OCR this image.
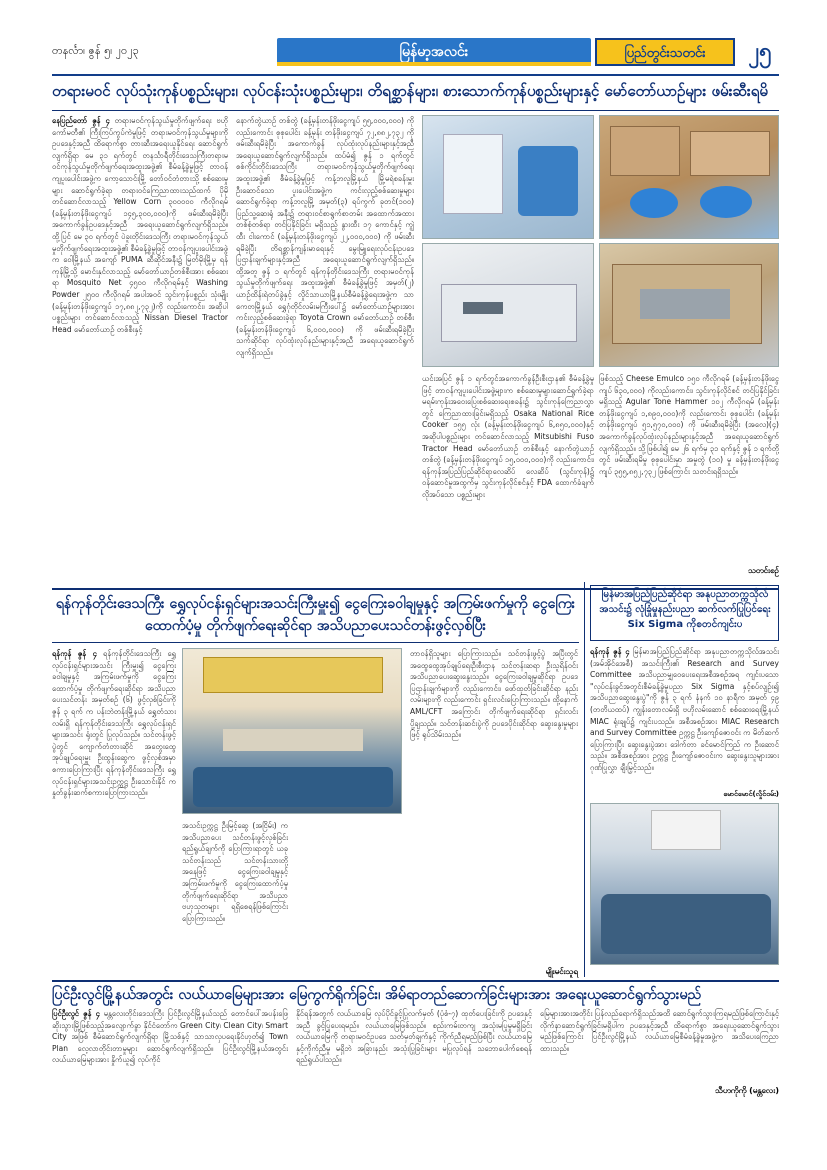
တနင်္လာ၊ ဇွန် ၅၊ ၂၀၂၃	မြန်မာ့အလင်း	ပြည်တွင်းသတင်း	၂၅
တရားမဝင် လုပ်သုံးကုန်ပစ္စည်းများ၊ လုပ်ငန်းသုံးပစ္စည်းများ၊ တိရစ္ဆာန်များ၊ စားသောက်ကုန်ပစ္စည်းများနှင့် မော်တော်ယာဉ်များ ဖမ်းဆီးရမိ
နေပြည်တော် ဇွန် ၄ တရားမဝင်ကုန်သွယ်မှုတိုက်ဖျက်ရေး ဗဟိုကော်မတီ၏ ကြီးကြပ်ကွပ်ကဲမှုဖြင့် တရားမဝင်ကုန်သွယ်မှုများကို ဥပဒေနှင့်အညီ ထိရောက်စွာ တားဆီးအရေးယူနိုင်ရေး ဆောင်ရွက်လျက်ရှိရာ မေ ၃၁ ရက်တွင် တနင်္သာရီတိုင်းဒေသကြီးတရားမဝင်ကုန်သွယ်မှုတိုက်ဖျက်ရေးအထူးအဖွဲ့၏ စီမံခန့်ခွဲမှုဖြင့် တာဝန်ကျပူးပေါင်းအဖွဲ့က ကော့သောင်းမြို့ တော်ဝင်တံတားသို့ စစ်ဆေးမှုများ ဆောင်ရွက်ခဲ့ရာ တရားဝင်ကြေညာထားသည်ထက် ပိုမိုတင်ဆောင်လာသည့် Yellow Corn ၃၀၀၀၀၀ ကီလိုဂရမ် (ခန့်မှန်းတန်ဖိုးငွေကျပ် ၁၄၅,၃၀၀,၀၀၀)ကို ဖမ်းဆီးရမိခဲ့ပြီး အကောက်ခွန်ဥပဒေနှင့်အညီ အရေးယူဆောင်ရွက်လျက်ရှိသည်။ ထို့ပြင် မေ ၃၀ ရက်တွင် ပဲခူးတိုင်းဒေသကြီး တရားမဝင်ကုန်သွယ်မှုတိုက်ဖျက်ရေးအထူးအဖွဲ့၏ စီမံခန့်ခွဲမှုဖြင့် တာဝန်ကျပူးပေါင်းအဖွဲ့က ဝေါမြို့နယ် အကျော် PUMA ဆီဆိုင်အနီး၌ မြတ်မိုးမြို့မှ ရန်ကုန်မြို့သို့ မောင်းနှင်လာသည့် မော်တော်ယာဉ်တစ်စီးအား စစ်ဆေးရာ Mosquito Net ၄၅၀၀ ကီလိုဂရမ်နှင့် Washing Powder ၂၅၀၀ ကီလိုဂရမ် အပါအဝင် သွင်းကုန်ပစ္စည်း သုံးမျိုး (ခန့်မှန်းတန်ဖိုးငွေကျပ် ၁၇,၈၈၂,၇၃၂)ကို လည်းကောင်း၊ အဆိုပါပစ္စည်းများ တင်ဆောင်လာသည့် Nissan Diesel Tractor Head မော်တော်ယာဉ် တစ်စီးနှင့်
နောက်တွဲယာဉ် တစ်တွဲ (ခန့်မှန်းတန်ဖိုးငွေကျပ် ၅၅,၀၀၀,၀၀၀) ကိုလည်းကောင်း စုစုပေါင်း ခန့်မှန်း တန်ဖိုးငွေကျပ် ၇၂,၈၈၂,၇၃၂ ကို ဖမ်းဆီးရမိခဲ့ပြီး အကောက်ခွန် လုပ်ထုံးလုပ်နည်းများနှင့်အညီ အရေးယူဆောင်ရွက်လျက်ရှိသည်။ ထပ်မံ၍ ဇွန် ၁ ရက်တွင် စစ်ကိုင်းတိုင်းဒေသကြီး တရားမဝင်ကုန်သွယ်မှုတိုက်ဖျက်ရေး အထူးအဖွဲ့၏ စီမံခန့်ခွဲမှုဖြင့် ကန့်ဘလူမြို့နယ် မြို့မရဲစခန်းမှူး ဦးဆောင်သော ပူးပေါင်းအဖွဲ့က ကင်းလှည့်စစ်ဆေးမှုများ ဆောင်ရွက်ခဲ့ရာ ကန့်ဘလူမြို့ အမှတ်(၃) ရပ်ကွက် ခုတင်(၁၀၀) ပြည်သူ့ဆေးရုံ အနီး၌ တရားဝင်စာရွက်စာတမ်း အထောက်အထား တစ်စုံတစ်ရာ တင်ပြနိုင်ခြင်း မရှိသည့် နွားထီး ၁၇ ကောင်နှင့် ကျွဲထီး ငါးကောင် (ခန့်မှန်းတန်ဖိုးငွေကျပ် ၂၂,၀၀၀,၀၀၀) ကို ဖမ်းဆီးရမိခဲ့ပြီး တိရစ္ဆာန်ကျန်းမာရေးနှင့် မွေးမြူရေးလုပ်ငန်းဥပဒေပြဌာန်းချက်များနှင့်အညီ အရေးယူဆောင်ရွက်လျက်ရှိသည်။ ထို့အတူ ဇွန် ၁ ရက်တွင် ရန်ကုန်တိုင်းဒေသကြီး တရားမဝင်ကုန်သွယ်မှုတိုက်ဖျက်ရေး အထူးအဖွဲ့၏ စီမံခန့်ခွဲမှုဖြင့် အမှတ်(၂) ယာဉ်ထိန်းရဲတပ်ခွဲနှင့် လှိုင်သာယာမြို့နယ်စီမံခန့်ခွဲရေးအဖွဲ့က သာကေတမြို့နယ် ရွှေဂုံတိုင်လမ်းမကြီးပေါ်၌ မော်တော်ယာဉ်များအား ကင်းလှည့်စစ်ဆေးခဲ့ရာ Toyota Crown မော်တော်ယာဉ် တစ်စီး (ခန့်မှန်းတန်ဖိုးငွေကျပ် ၆,၀၀၀,၀၀၀) ကို ဖမ်းဆီးရမိခဲ့ပြီး သက်ဆိုင်ရာ လုပ်ထုံးလုပ်နည်းများနှင့်အညီ အရေးယူဆောင်ရွက်လျက်ရှိသည်။
ယင်းအပြင် ဇွန် ၁ ရက်တွင်အကောက်ခွန်ဦးစီးဌာန၏ စီမံခန့်ခွဲမှုဖြင့် တာဝန်ကျပူးပေါင်းအဖွဲ့များက စစ်ဆေးမှုများဆောင်ရွက်ခဲ့ရာ မရမ်းကုန်းအဝေးပြေးစစ်ဆေးရေးစခန်း၌ သွင်းကုန်ကြေညာလွှာတွင် ကြေညာထားခြင်းမရှိသည့် Osaka National Rice Cooker ၁၅၅ လုံး (ခန့်မှန်းတန်ဖိုးငွေကျပ် ၆,၈၅၀,၀၀၀)နှင့် အဆိုပါပစ္စည်းများ တင်ဆောင်လာသည့် Mitsubishi Fuso Tractor Head မော်တော်ယာဉ် တစ်စီးနှင့် နောက်တွဲယာဉ် တစ်တွဲ (ခန့်မှန်းတန်ဖိုးငွေကျပ် ၁၅,၀၀၀,၀၀၀)ကို လည်းကောင်း၊ ရန်ကုန်အပြည်ပြည်ဆိုင်ရာလေဆိပ် လေဆိပ် (သွင်းကုန်)၌ ဝန်ဆောင်မှုအထွက်မှ သွင်းကုန်လိုင်စင်နှင့် FDA ထောက်ခံချက် လိုအပ်သော ပစ္စည်းများ
ဖြစ်သည့် Cheese Emulco ၁၅၀ ကီလိုဂရမ် (ခန့်မှန်းတန်ဖိုးငွေကျပ် ၆၃၀,၀၀၀) ကိုလည်းကောင်း၊ သွင်းကုန်လိုင်စင် တင်ပြနိုင်ခြင်း မရှိသည့် Agular Tone Hammer ၁၀၂ ကီလိုဂရမ် (ခန့်မှန်းတန်ဖိုးငွေကျပ် ၁,၈၉၀,၀၀၀)ကို လည်းကောင်း စုစုပေါင်း (ခန့်မှန်းတန်ဖိုးငွေကျပ် ၅၁,၅၇၀,၀၀၀) ကို ဖမ်းဆီးရမိခဲ့ပြီး (အလေ)(၄) အကောက်ခွန်လုပ်ထုံးလုပ်နည်းများနှင့်အညီ အရေးယူဆောင်ရွက်လျက်ရှိသည်။ သို့ဖြစ်ပါ၍ မေ ၂၆ ရက်မှ ၃၁ ရက်နှင့် ဇွန် ၁ ရက်တို့တွင် ဖမ်းဆီးရမိမှု စုစုပေါင်းမှာ အမှုတွဲ (၁၀) မှု ခန့်မှန်းတန်ဖိုးငွေကျပ် ၃၅၅,၈၅၂,၇၃၂ ဖြစ်ကြောင်း သတင်းရရှိသည်။
သတင်းစဉ်
ရန်ကုန်တိုင်းဒေသကြီး ရွှေလုပ်ငန်းရှင်များအသင်းကြီးမှူး၍ ငွေကြေးခဝါချမှုနှင့် အကြမ်းဖက်မှုကို ငွေကြေးထောက်ပံ့မှု တိုက်ဖျက်ရေးဆိုင်ရာ အသိပညာပေးသင်တန်းဖွင့်လှစ်ပြီး
ရန်ကုန် ဇွန် ၄ ရန်ကုန်တိုင်းဒေသကြီး ရွှေလုပ်ငန်းရှင်များအသင်း ကြီးမှူး၍ ငွေကြေးခဝါချမှုနှင့် အကြမ်းဖက်မှုကို ငွေကြေးထောက်ပံ့မှု တိုက်ဖျက်ရေးဆိုင်ရာ အသိပညာပေးသင်တန်း အမှတ်စဉ် (၆) ဖွင့်လှစ်ခြင်းကို ဇွန် ၃ ရက် က ပန်းဘဲတန်းမြို့နယ် ရွှေတံသား လမ်းရှိ ရန်ကုန်တိုင်းဒေသကြီး ရွှေလုပ်ငန်းရှင်များအသင်း ရုံးတွင် ပြုလုပ်သည်။ သင်တန်းဖွင့်ပွဲတွင် ကျောက်တံတားဆိုင် အတွေးထွေအုပ်ချုပ်ရေးမှူး ဦးထွန်းဆွေက ဖွင့်လှစ်အမှာစကားပြောကြားပြီး ရန်ကုန်တိုင်းဒေသကြီး ရွှေလုပ်ငန်းရှင်များအသင်းဥက္ကဋ္ဌ ဦးသောင်းနိုင် က နှုတ်ခွန်းဆက်စကားပြောကြားသည်။
အသင်းဥက္ကဋ္ဌ ဦးမြင့်ဆွေ (အငြိမ်း) က အသိပညာပေး သင်တန်းဖွင့်လှစ်ခြင်း ရည်ရွယ်ချက်ကို ပြောကြားရာတွင် ယခုသင်တန်းသည် သင်တန်းသားတို့အနေဖြင့် ငွေကြေးခဝါချမှုနှင့် အကြမ်းဖက်မှုကို ငွေကြေးထောက်ပံ့မှုတိုက်ဖျက်ရေးဆိုင်ရာ အသိပညာဗဟုသုတများ ရရှိစေရန်ဖြစ်ကြောင်း ပြောကြားသည်။
တာဝန်ရှိသူများ ပြောကြားသည်။ သင်တန်းဖွင့်ပွဲ အပြီးတွင် အထွေထွေအုပ်ချုပ်ရေးဦးစီးဌာန သင်တန်းဆရာ ဦးသူရိန်ဝင်း အသိပညာပေးဆွေးနွေးသည်။ ငွေကြေးခဝါချမှုဆိုင်ရာ ဥပဒေပြဌာန်းချက်များကို လည်းကောင်း၊ ဖော်ထုတ်ခြင်းဆိုင်ရာ နည်းလမ်းများကို လည်းကောင်း ရှင်းလင်းပြောကြားသည်။ ထို့နောက် AML/CFT အကြောင်း တိုက်ဖျက်ရေးဆိုင်ရာ ရှင်းလင်းပို့ချသည်။ သင်တန်းဆင်းပွဲကို ဥပဒေပိုင်းဆိုင်ရာ ဆွေးနွေးမှုများဖြင့် ရုပ်သိမ်းသည်။
မျိုးမင်းသူရ
မြန်မာအပြည်ပြည်ဆိုင်ရာ အနုပညာတက္ကသိုလ်အသင်း၌ လုံခြုံမှုနည်းပညာ ဆက်လက်ပြုပြင်ရေး Six Sigma ကိုစတင်ကျင်းပ
ရန်ကုန် ဇွန် ၄ မြန်မာအပြည်ပြည်ဆိုင်ရာ အနုပညာတက္ကသိုလ်အသင်း (အမ်အိုင်အေစီ) အသင်းကြီး၏ Research and Survey Committee အသိပညာမျှဝေပေးရေးအစီအစဉ်အရ ကျင်းပသော "လုပ်ငန်းခွင်အတွင်းစီမံခန့်ခွဲမှုပညာ Six Sigma နှင့်စပ်လျဉ်း၍ အသိပညာဆွေးနွေးပွဲ"ကို ဇွန် ၃ ရက် နံနက် ၁၀ နာရီက အမှတ် ၄၉ (တတိယထပ်) ကျွန်းတောလမ်းရှိ ဗဟိုလမ်းဆောင် စစ်ဆေးရေးမြို့နယ် MIAC ရုံးချုပ်၌ ကျင်းပသည်။ အစီအစဉ်အား MIAC Research and Survey Committee ဥက္ကဋ္ဌ ဦးကျော်ဇောဝင်း က မိတ်ဆက်ပြောကြားပြီး ဆွေးနွေးပွဲအား ဒေါက်တာ ခင်မောင်ကြည် က ဦးဆောင်သည်။ အစီအစဉ်အား ဥက္ကဋ္ဌ ဦးကျော်ဇောဝင်းက ဆွေးနွေးသူများအား ဂုဏ်ပြုလွှာ ချီးမြှင့်သည်။
မောင်မောင်(လှိုင်ဝမ်း)
ပြင်ဦးလွင်မြို့နယ်အတွင်း လယ်ယာမြေများအား မြေကွက်ရိုက်ခြင်း၊ အိမ်ရာတည်ဆောက်ခြင်းများအား အရေးယူဆောင်ရွက်သွားမည်
ပြင်ဦးလွင် ဇွန် ၄ မန္တလေးတိုင်းဒေသကြီး ပြင်ဦးလွင်မြို့နယ်သည် တောင်ပေါ်အပန်းဖြေဆိုးသွားမြို့ဖြစ်သည့်အလျောက်ခွာ နိုင်ငံတော်က Green City၊ Clean City၊ Smart City အဖြစ် စီမံဆောင်ရွက်လျက်ရှိရာ မြို့သစ်နှင့် သာသာလှပရေးနိုင်ဟုတ်၍ Town Plan လေ့လာတိုင်းတာမှုများ ဆောင်ရွက်လျက်ရှိသည်။ ပြင်ဦးလွင်မြို့နယ်အတွင်း လယ်ယာမြေများအား နှိုက်ယူ၍ လုပ်ကိုင်
နိုင်ရန်အတွက် လယ်ယာမြေ လုပ်ပိုင်ခွင့်ပြုလက်မှတ် (ပုံစံ-၇) ထုတ်ပေးခြင်းကို ဥပဒေနှင့်အညီ ခွင့်ပြုပေးရမည်။ လယ်ယာမြေဖြစ်သည်။ စည်းကမ်းတကျ အသုံးမပြုမှုမရှိခြင်း လယ်ယာမြေကို တရားမဝင်ဥပဒေ သတ်မှတ်ချက်နှင့် ကိုက်ညီရမည်ဖြစ်ပြီး လယ်ယာမြေနှင့်ကိုက်ညီမှု မရှိဘဲ အခြားနည်း အသုံးပြုခြင်းများ မပြုလုပ်ရန် သဘောပေါက်စေရန် ရည်ရွယ်ပါသည်။
မြေများအားအတိုင်း ပြန်လည်ရောက်ရှိသည်အထိ ဆောင်ရွက်သွားကြရမည်ဖြစ်ကြောင်းနှင့် လိုက်နာဆောင်ရွက်ခြင်းမရှိပါက ဥပဒေနှင့်အညီ ထိရောက်စွာ အရေးယူဆောင်ရွက်သွားမည်ဖြစ်ကြောင်း ပြင်ဦးလွင်မြို့နယ် လယ်ယာမြေစီမံခန့်ခွဲမှုအဖွဲ့က အသိပေးကြေညာထားသည်။
သီဟကိုကို (မန္တလေး)
